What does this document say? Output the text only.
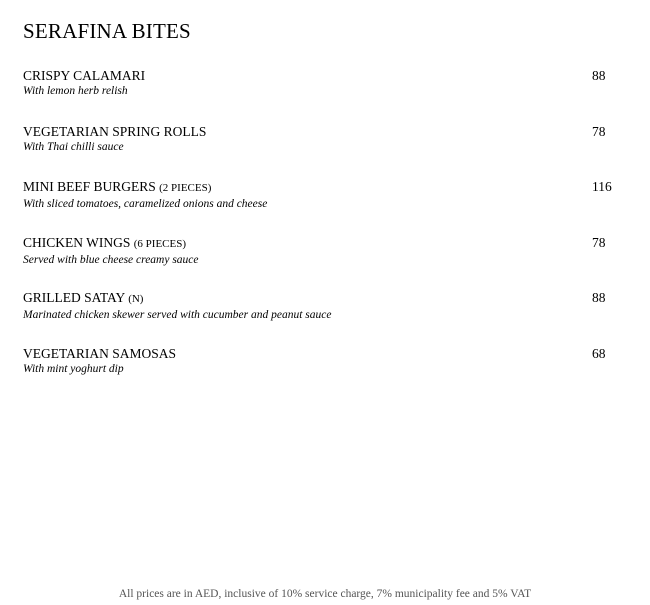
SERAFINA BITES
CRISPY CALAMARI
With lemon herb relish
88
VEGETARIAN SPRING ROLLS
With Thai chilli sauce
78
MINI BEEF BURGERS (2 PIECES)
With sliced tomatoes, caramelized onions and cheese
116
CHICKEN WINGS (6 PIECES)
Served with blue cheese creamy sauce
78
GRILLED SATAY (N)
Marinated chicken skewer served with cucumber and peanut sauce
88
VEGETARIAN SAMOSAS
With mint yoghurt dip
68
All prices are in AED, inclusive of 10% service charge, 7% municipality fee and 5% VAT
